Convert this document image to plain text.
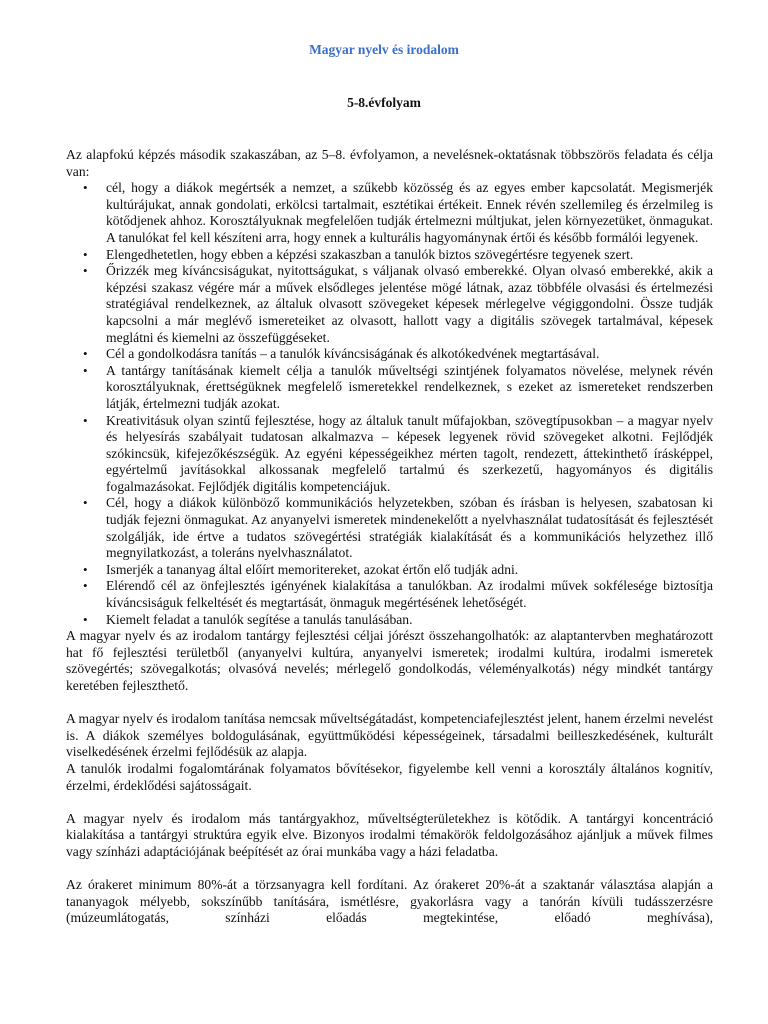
Magyar nyelv és irodalom
5-8.évfolyam

Az alapfokú képzés második szakaszában, az 5–8. évfolyamon, a nevelésnek-oktatásnak többszörös feladata és célja van:

• cél, hogy a diákok megértsék a nemzet, a szűkebb közösség és az egyes ember kapcsolatát. Megismerjék kultúrájukat, annak gondolati, erkölcsi tartalmait, esztétikai értékeit. Ennek révén szellemileg és érzelmileg is kötődjenek ahhoz. Korosztályuknak megfelelően tudják értelmezni múltjukat, jelen környezetüket, önmagukat. A tanulókat fel kell készíteni arra, hogy ennek a kulturális hagyománynak értői és később formálói legyenek.
• Elengedhetetlen, hogy ebben a képzési szakaszban a tanulók biztos szövegértésre tegyenek szert.
• Őrizzék meg kíváncsiságukat, nyitottságukat, s váljanak olvasó emberekké. Olyan olvasó emberekké, akik a képzési szakasz végére már a művek elsődleges jelentése mögé látnak, azaz többféle olvasási és értelmezési stratégiával rendelkeznek, az általuk olvasott szövegeket képesek mérlegelve végiggondolni. Össze tudják kapcsolni a már meglévő ismereteiket az olvasott, hallott vagy a digitális szövegek tartalmával, képesek meglátni és kiemelni az összefüggéseket.
• Cél a gondolkodásra tanítás – a tanulók kíváncsiságának és alkotókedvének megtartásával.
• A tantárgy tanításának kiemelt célja a tanulók műveltségi szintjének folyamatos növelése, melynek révén korosztályuknak, érettségüknek megfelelő ismeretekkel rendelkeznek, s ezeket az ismereteket rendszerben látják, értelmezni tudják azokat.
• Kreativitásuk olyan szintű fejlesztése, hogy az általuk tanult műfajokban, szövegtípusokban – a magyar nyelv és helyesírás szabályait tudatosan alkalmazva – képesek legyenek rövid szövegeket alkotni. Fejlődjék szókincsük, kifejezőkészségük. Az egyéni képességeikhez mérten tagolt, rendezett, áttekinthető írásképpel, egyértelmű javításokkal alkossanak megfelelő tartalmú és szerkezetű, hagyományos és digitális fogalmazásokat. Fejlődjék digitális kompetenciájuk.
• Cél, hogy a diákok különböző kommunikációs helyzetekben, szóban és írásban is helyesen, szabatosan ki tudják fejezni önmagukat. Az anyanyelvi ismeretek mindenekelőtt a nyelvhasználat tudatosítását és fejlesztését szolgálják, ide értve a tudatos szövegértési stratégiák kialakítását és a kommunikációs helyzethez illő megnyilatkozást, a toleráns nyelvhasználatot.
• Ismerjék a tananyag által előírt memoritereket, azokat értőn elő tudják adni.
• Elérendő cél az önfejlesztés igényének kialakítása a tanulókban. Az irodalmi művek sokfélesége biztosítja kíváncsiságuk felkeltését és megtartását, önmaguk megértésének lehetőségét.
• Kiemelt feladat a tanulók segítése a tanulás tanulásában.

A magyar nyelv és az irodalom tantárgy fejlesztési céljai jórészt összehangolhatók: az alaptantervben meghatározott hat fő fejlesztési területből (anyanyelvi kultúra, anyanyelvi ismeretek; irodalmi kultúra, irodalmi ismeretek szövegértés; szövegalkotás; olvasóvá nevelés; mérlegelő gondolkodás, véleményalkotás) négy mindkét tantárgy keretében fejleszthető.

A magyar nyelv és irodalom tanítása nemcsak műveltségátadást, kompetenciafejlesztést jelent, hanem érzelmi nevelést is. A diákok személyes boldogulásának, együttműködési képességeinek, társadalmi beilleszkedésének, kulturált viselkedésének érzelmi fejlődésük az alapja.

A tanulók irodalmi fogalomtárának folyamatos bővítésekor, figyelembe kell venni a korosztály általános kognitív, érzelmi, érdeklődési sajátosságait.

A magyar nyelv és irodalom más tantárgyakhoz, műveltségterületekhez is kötődik. A tantárgyi koncentráció kialakítása a tantárgyi struktúra egyik elve. Bizonyos irodalmi témakörök feldolgozásához ajánljuk a művek filmes vagy színházi adaptációjának beépítését az órai munkába vagy a házi feladatba.

Az órakeret minimum 80%-át a törzsanyagra kell fordítani. Az órakeret 20%-át a szaktanár választása alapján a tananyagok mélyebb, sokszínűbb tanítására, ismétlésre, gyakorlásra vagy a tanórán kívüli tudásszerzésre (múzeumlátogatás, színházi előadás megtekintése, előadó meghívása),
